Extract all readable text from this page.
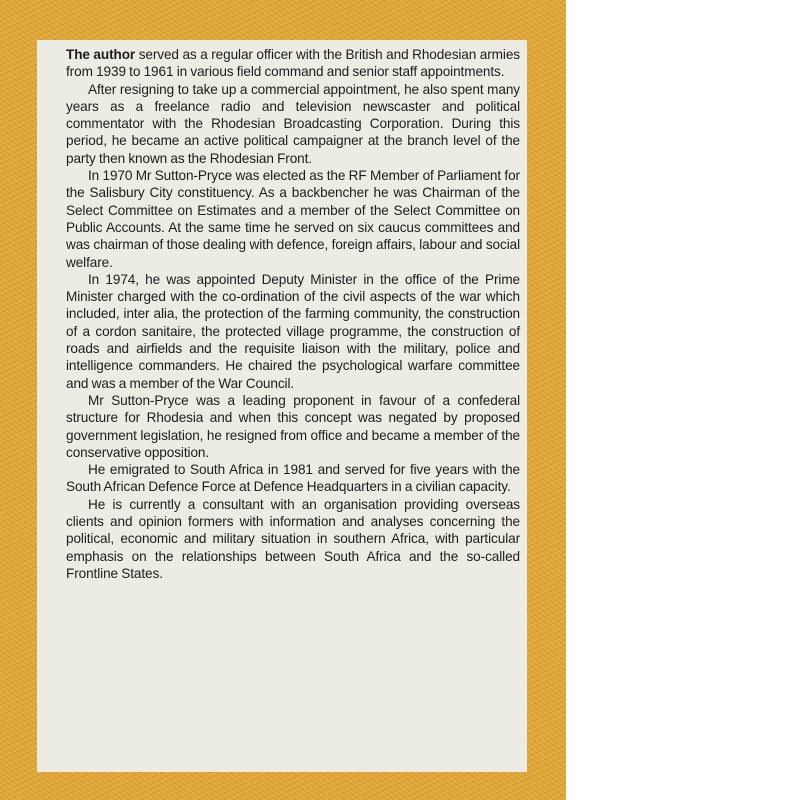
The author served as a regular officer with the British and Rhodesian armies from 1939 to 1961 in various field command and senior staff appointments.

After resigning to take up a commercial appointment, he also spent many years as a freelance radio and television newscaster and political commentator with the Rhodesian Broadcasting Corporation. During this period, he became an active political campaigner at the branch level of the party then known as the Rhodesian Front.

In 1970 Mr Sutton-Pryce was elected as the RF Member of Parliament for the Salisbury City constituency. As a backbencher he was Chairman of the Select Committee on Estimates and a member of the Select Committee on Public Accounts. At the same time he served on six caucus committees and was chairman of those dealing with defence, foreign affairs, labour and social welfare.

In 1974, he was appointed Deputy Minister in the office of the Prime Minister charged with the co-ordination of the civil aspects of the war which included, inter alia, the protection of the farming community, the construction of a cordon sanitaire, the protected village programme, the construction of roads and airfields and the requisite liaison with the military, police and intelligence commanders. He chaired the psychological warfare committee and was a member of the War Council.

Mr Sutton-Pryce was a leading proponent in favour of a confederal structure for Rhodesia and when this concept was negated by proposed government legislation, he resigned from office and became a member of the conservative opposition.

He emigrated to South Africa in 1981 and served for five years with the South African Defence Force at Defence Headquarters in a civilian capacity.

He is currently a consultant with an organisation providing overseas clients and opinion formers with information and analyses concerning the political, economic and military situation in southern Africa, with particular emphasis on the relationships between South Africa and the so-called Frontline States.
